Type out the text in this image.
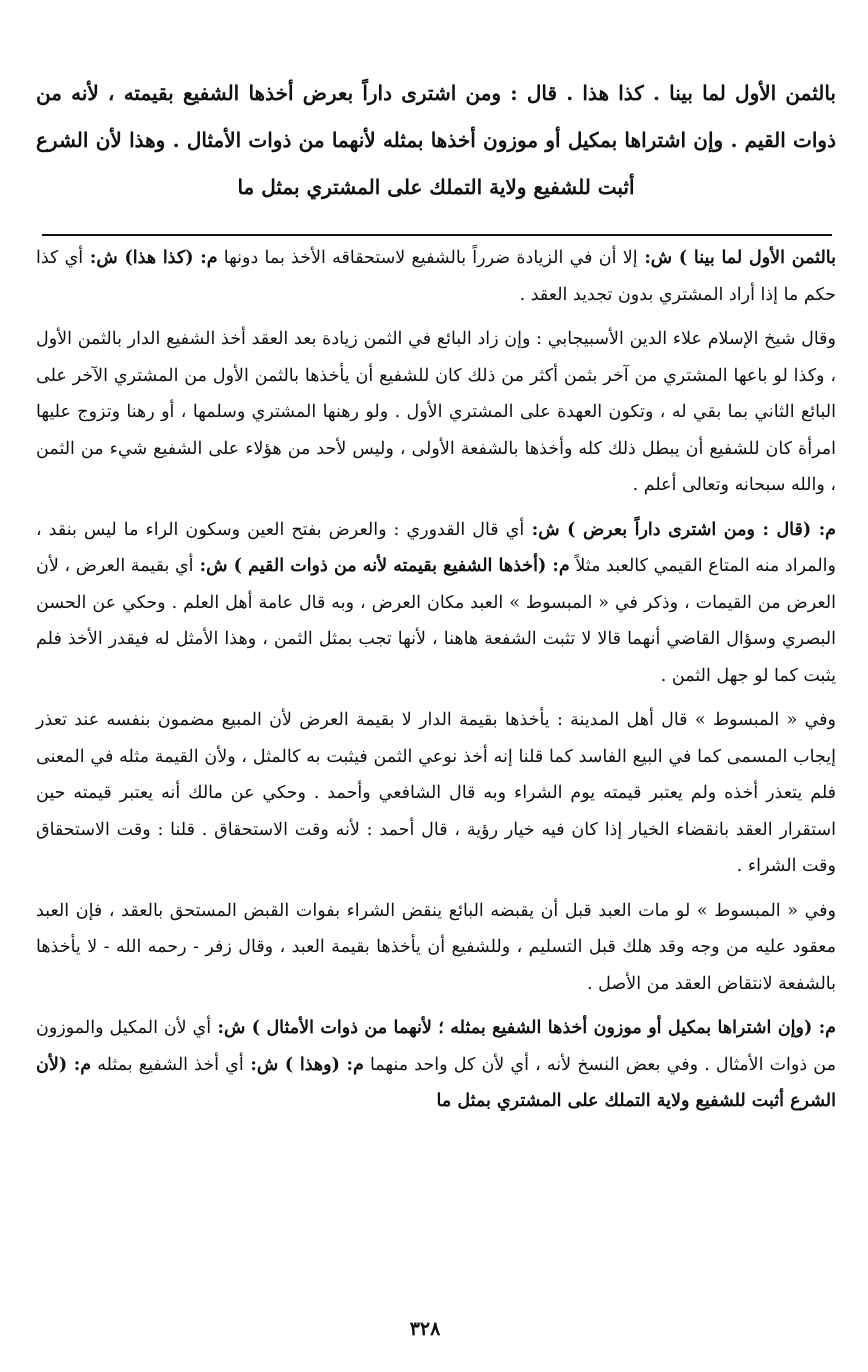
بالثمن الأول لما بينا . كذا هذا . قال : ومن اشترى داراً بعرض أخذها الشفيع بقيمته ، لأنه من ذوات القيم . وإن اشتراها بمكيل أو موزون أخذها بمثله لأنهما من ذوات الأمثال . وهذا لأن الشرع أثبت للشفيع ولاية التملك على المشتري بمثل ما

بالثمن الأول لما بينا ) ش: إلا أن في الزيادة ضرراً بالشفيع لاستحقاقه الأخذ بما دونها م: (كذا هذا) ش: أي كذا حكم ما إذا أراد المشتري بدون تجديد العقد .

وقال شيخ الإسلام علاء الدين الأسبيجابي : وإن زاد البائع في الثمن زيادة بعد العقد أخذ الشفيع الدار بالثمن الأول ، وكذا لو باعها المشتري من آخر بثمن أكثر من ذلك كان للشفيع أن يأخذها بالثمن الأول من المشتري الآخر على البائع الثاني بما بقي له ، وتكون العهدة على المشتري الأول . ولو رهنها المشتري وسلمها ، أو رهنا وتزوج عليها امرأة كان للشفيع أن يبطل ذلك كله وأخذها بالشفعة الأولى ، وليس لأحد من هؤلاء على الشفيع شيء من الثمن ، والله سبحانه وتعالى أعلم .

م: (قال : ومن اشترى داراً بعرض ) ش: أي قال القدوري : والعرض بفتح العين وسكون الراء ما ليس بنقد ، والمراد منه المتاع القيمي كالعبد مثلاً م: (أخذها الشفيع بقيمته لأنه من ذوات القيم ) ش: أي بقيمة العرض ، لأن العرض من القيمات ، وذكر في « المبسوط » العبد مكان العرض ، وبه قال عامة أهل العلم . وحكي عن الحسن البصري وسؤال القاضي أنهما قالا لا تثبت الشفعة هاهنا ، لأنها تجب بمثل الثمن ، وهذا الأمثل له فيقدر الأخذ فلم يثبت كما لو جهل الثمن .

وفي « المبسوط » قال أهل المدينة : يأخذها بقيمة الدار لا بقيمة العرض لأن المبيع مضمون بنفسه عند تعذر إيجاب المسمى كما في البيع الفاسد كما قلنا إنه أخذ نوعي الثمن فيثبت به كالمثل ، ولأن القيمة مثله في المعنى فلم يتعذر أخذه ولم يعتبر قيمته يوم الشراء وبه قال الشافعي وأحمد . وحكي عن مالك أنه يعتبر قيمته حين استقرار العقد بانقضاء الخيار إذا كان فيه خيار رؤية ، قال أحمد : لأنه وقت الاستحقاق . قلنا : وقت الاستحقاق وقت الشراء .

وفي « المبسوط » لو مات العبد قبل أن يقبضه البائع ينقض الشراء بفوات القبض المستحق بالعقد ، فإن العبد معقود عليه من وجه وقد هلك قبل التسليم ، وللشفيع أن يأخذها بقيمة العبد ، وقال زفر - رحمه الله - لا يأخذها بالشفعة لانتقاض العقد من الأصل .

م: (وإن اشتراها بمكيل أو موزون أخذها الشفيع بمثله ؛ لأنهما من ذوات الأمثال ) ش: أي لأن المكيل والموزون من ذوات الأمثال . وفي بعض النسخ لأنه ، أي لأن كل واحد منهما م: (وهذا ) ش: أي أخذ الشفيع بمثله م: (لأن الشرع أثبت للشفيع ولاية التملك على المشتري بمثل ما

٣٢٨
